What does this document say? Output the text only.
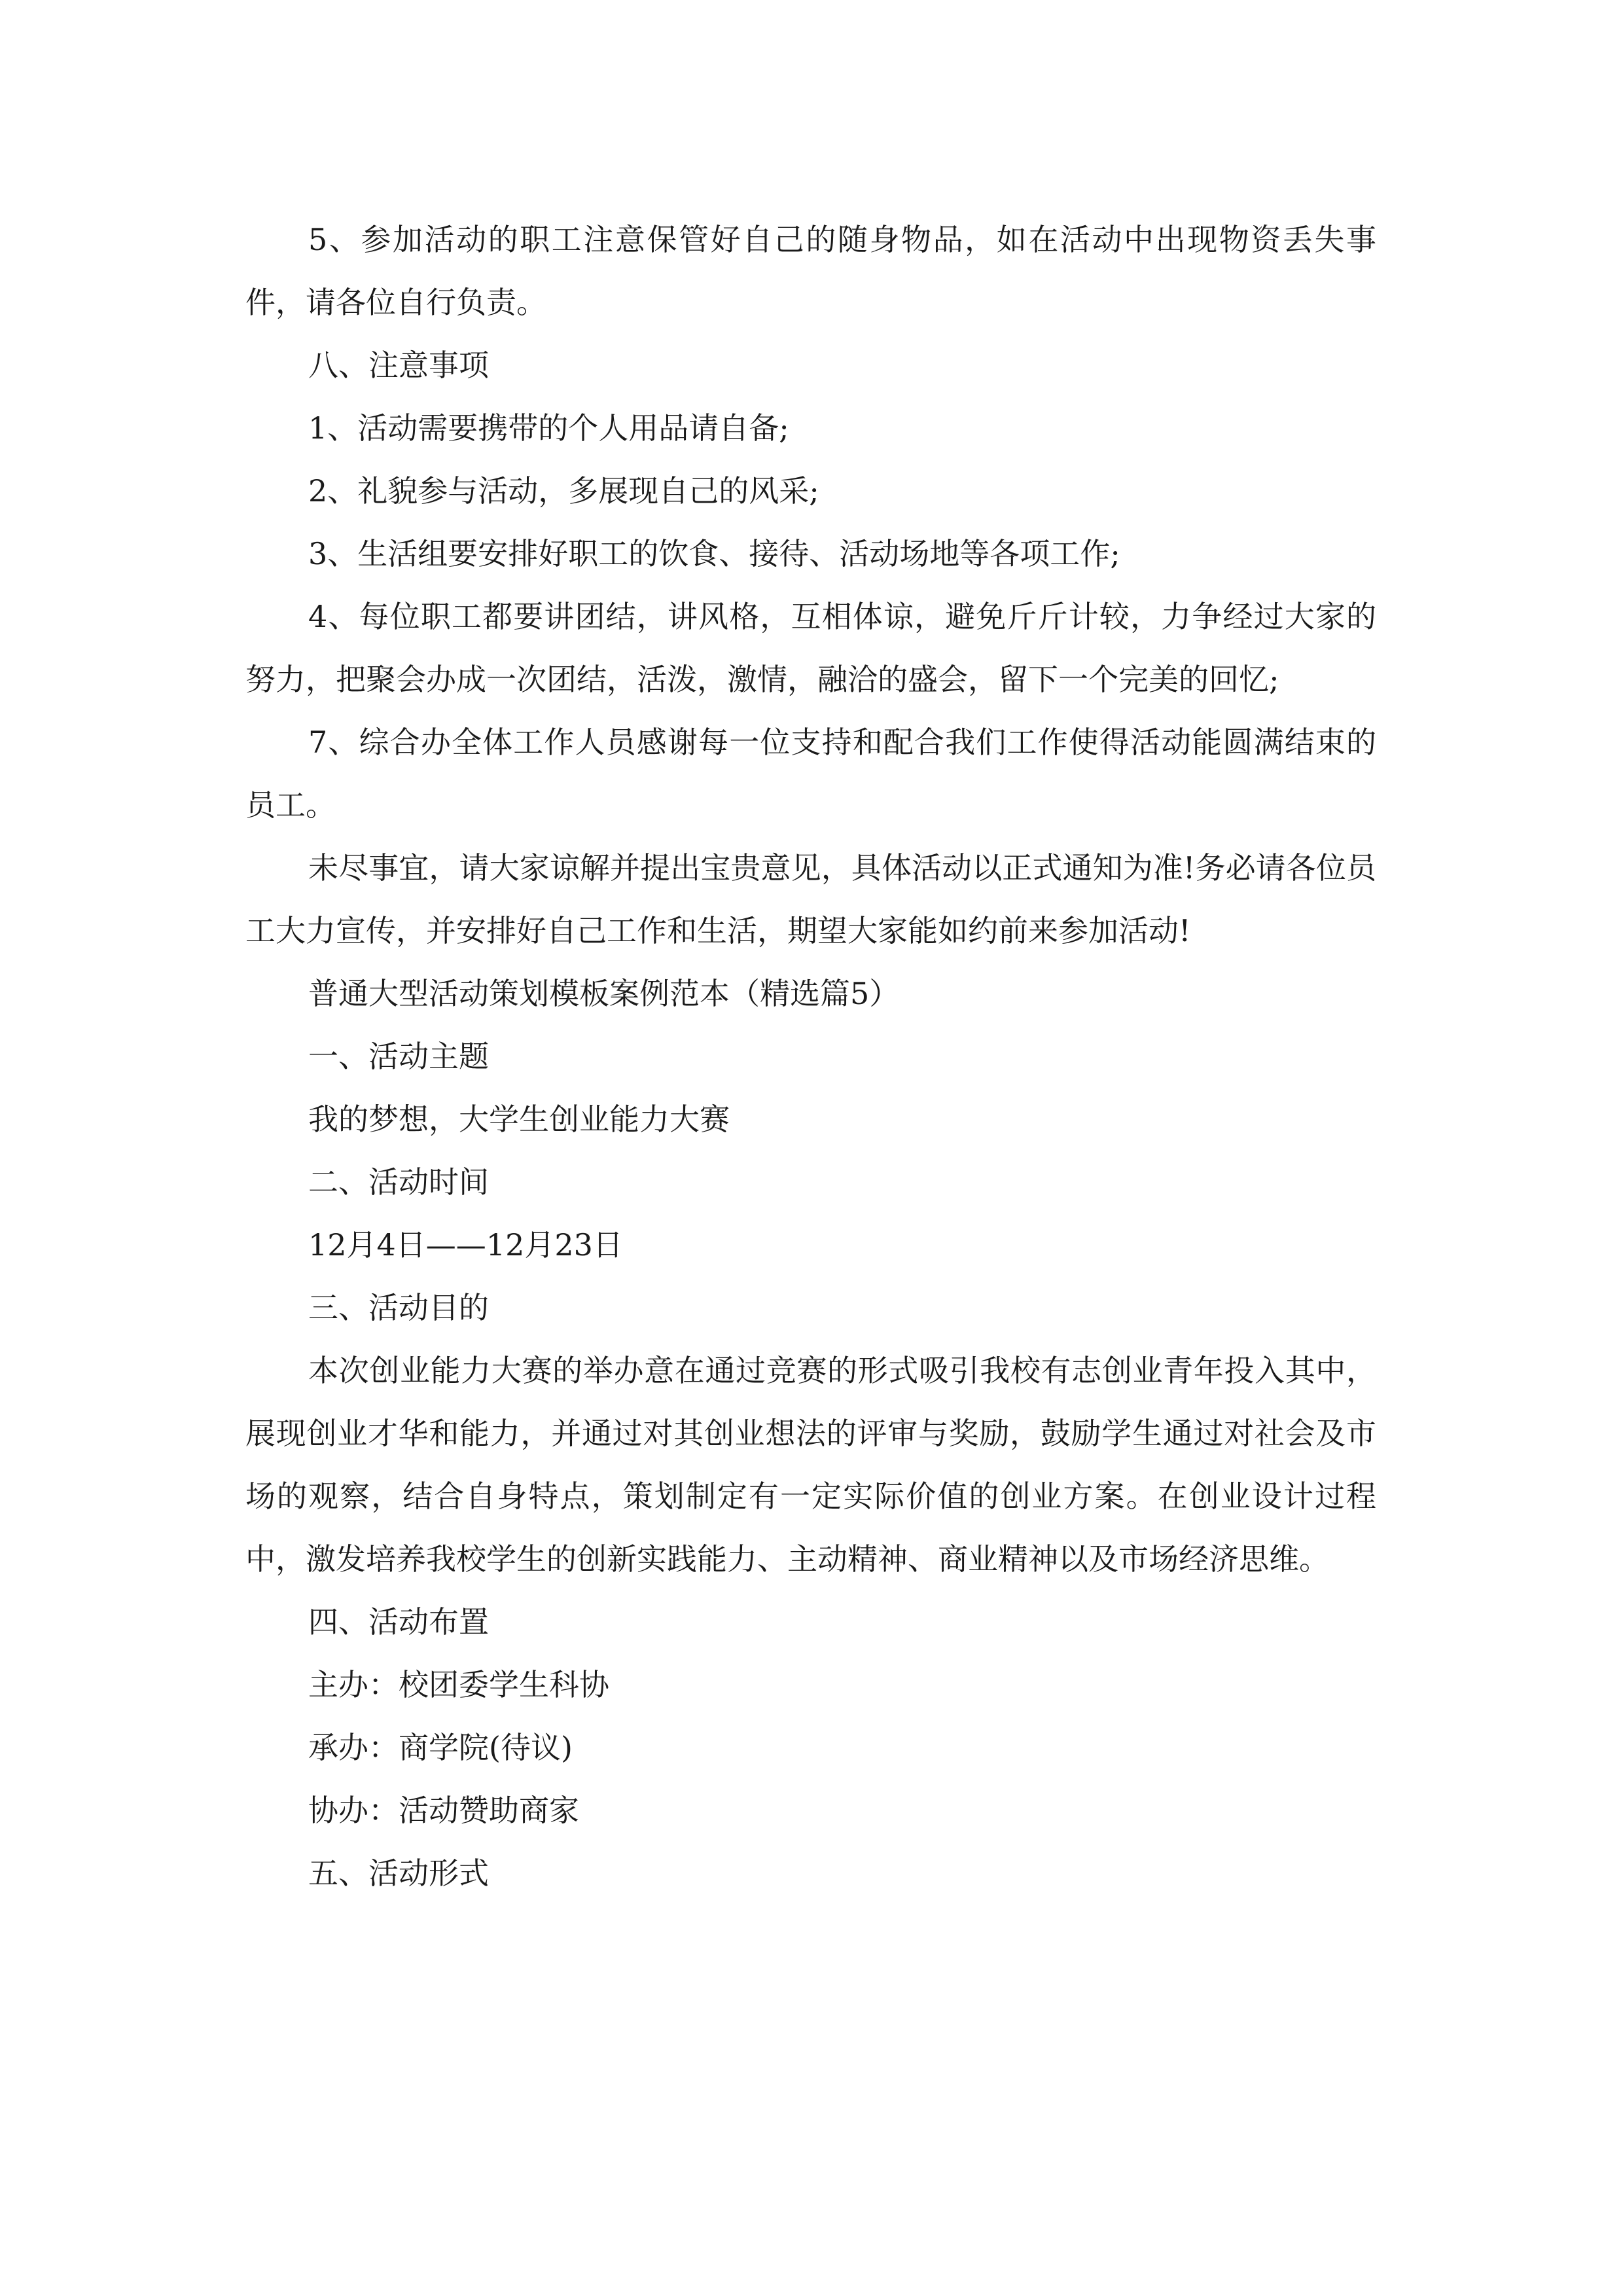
5、参加活动的职工注意保管好自己的随身物品，如在活动中出现物资丢失事件，请各位自行负责。

八、注意事项

1、活动需要携带的个人用品请自备;

2、礼貌参与活动，多展现自己的风采;

3、生活组要安排好职工的饮食、接待、活动场地等各项工作;

4、每位职工都要讲团结，讲风格，互相体谅，避免斤斤计较，力争经过大家的努力，把聚会办成一次团结，活泼，激情，融洽的盛会，留下一个完美的回忆;

7、综合办全体工作人员感谢每一位支持和配合我们工作使得活动能圆满结束的员工。

未尽事宜，请大家谅解并提出宝贵意见，具体活动以正式通知为准!务必请各位员工大力宣传，并安排好自己工作和生活，期望大家能如约前来参加活动!

普通大型活动策划模板案例范本（精选篇5）

一、活动主题

我的梦想，大学生创业能力大赛

二、活动时间

12月4日——12月23日

三、活动目的

本次创业能力大赛的举办意在通过竞赛的形式吸引我校有志创业青年投入其中，展现创业才华和能力，并通过对其创业想法的评审与奖励，鼓励学生通过对社会及市场的观察，结合自身特点，策划制定有一定实际价值的创业方案。在创业设计过程中，激发培养我校学生的创新实践能力、主动精神、商业精神以及市场经济思维。

四、活动布置

主办：校团委学生科协

承办：商学院(待议)

协办：活动赞助商家

五、活动形式
